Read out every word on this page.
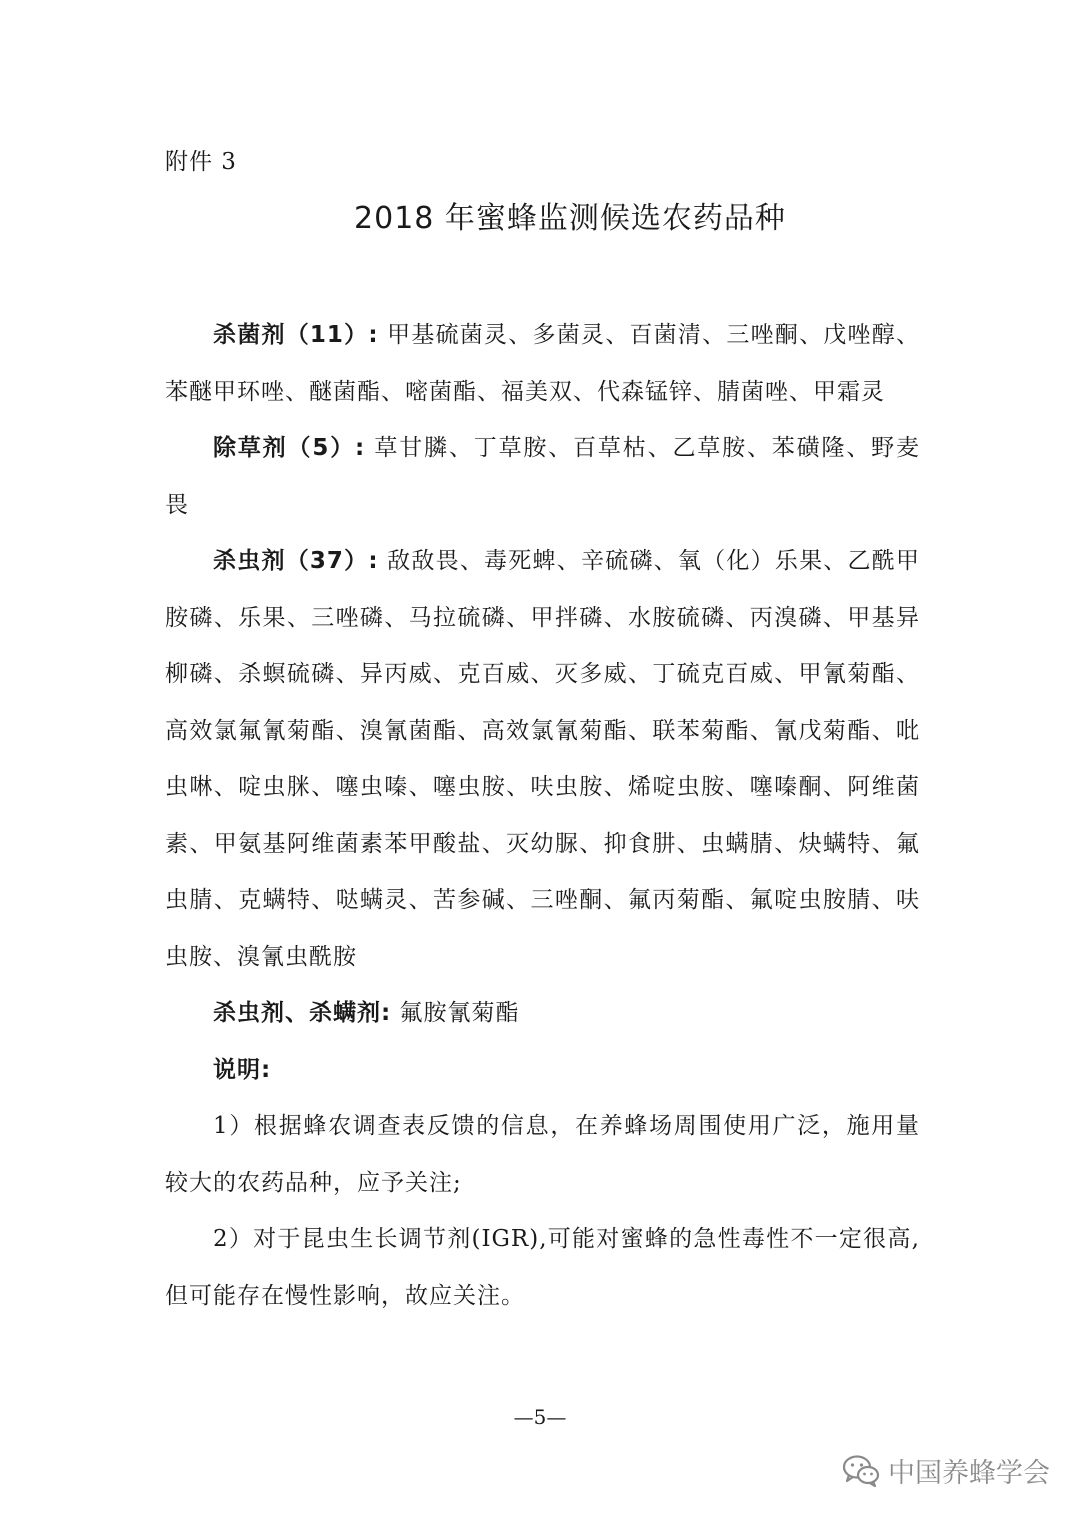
附件 3

2018 年蜜蜂监测候选农药品种

杀菌剂（11）: 甲基硫菌灵、多菌灵、百菌清、三唑酮、戊唑醇、苯醚甲环唑、醚菌酯、嘧菌酯、福美双、代森锰锌、腈菌唑、甲霜灵

除草剂（5）: 草甘膦、丁草胺、百草枯、乙草胺、苯磺隆、野麦畏

杀虫剂（37）: 敌敌畏、毒死蜱、辛硫磷、氧（化）乐果、乙酰甲胺磷、乐果、三唑磷、马拉硫磷、甲拌磷、水胺硫磷、丙溴磷、甲基异柳磷、杀螟硫磷、异丙威、克百威、灭多威、丁硫克百威、甲氰菊酯、高效氯氟氰菊酯、溴氰菌酯、高效氯氰菊酯、联苯菊酯、氰戊菊酯、吡虫啉、啶虫脒、噻虫嗪、噻虫胺、呋虫胺、烯啶虫胺、噻嗪酮、阿维菌素、甲氨基阿维菌素苯甲酸盐、灭幼脲、抑食肼、虫螨腈、炔螨特、氟虫腈、克螨特、哒螨灵、苦参碱、三唑酮、氟丙菊酯、氟啶虫胺腈、呋虫胺、溴氰虫酰胺

杀虫剂、杀螨剂: 氟胺氰菊酯

说明:

1）根据蜂农调查表反馈的信息，在养蜂场周围使用广泛，施用量较大的农药品种，应予关注;

2）对于昆虫生长调节剂(IGR),可能对蜜蜂的急性毒性不一定很高,但可能存在慢性影响，故应关注。

—5—
中国养蜂学会
